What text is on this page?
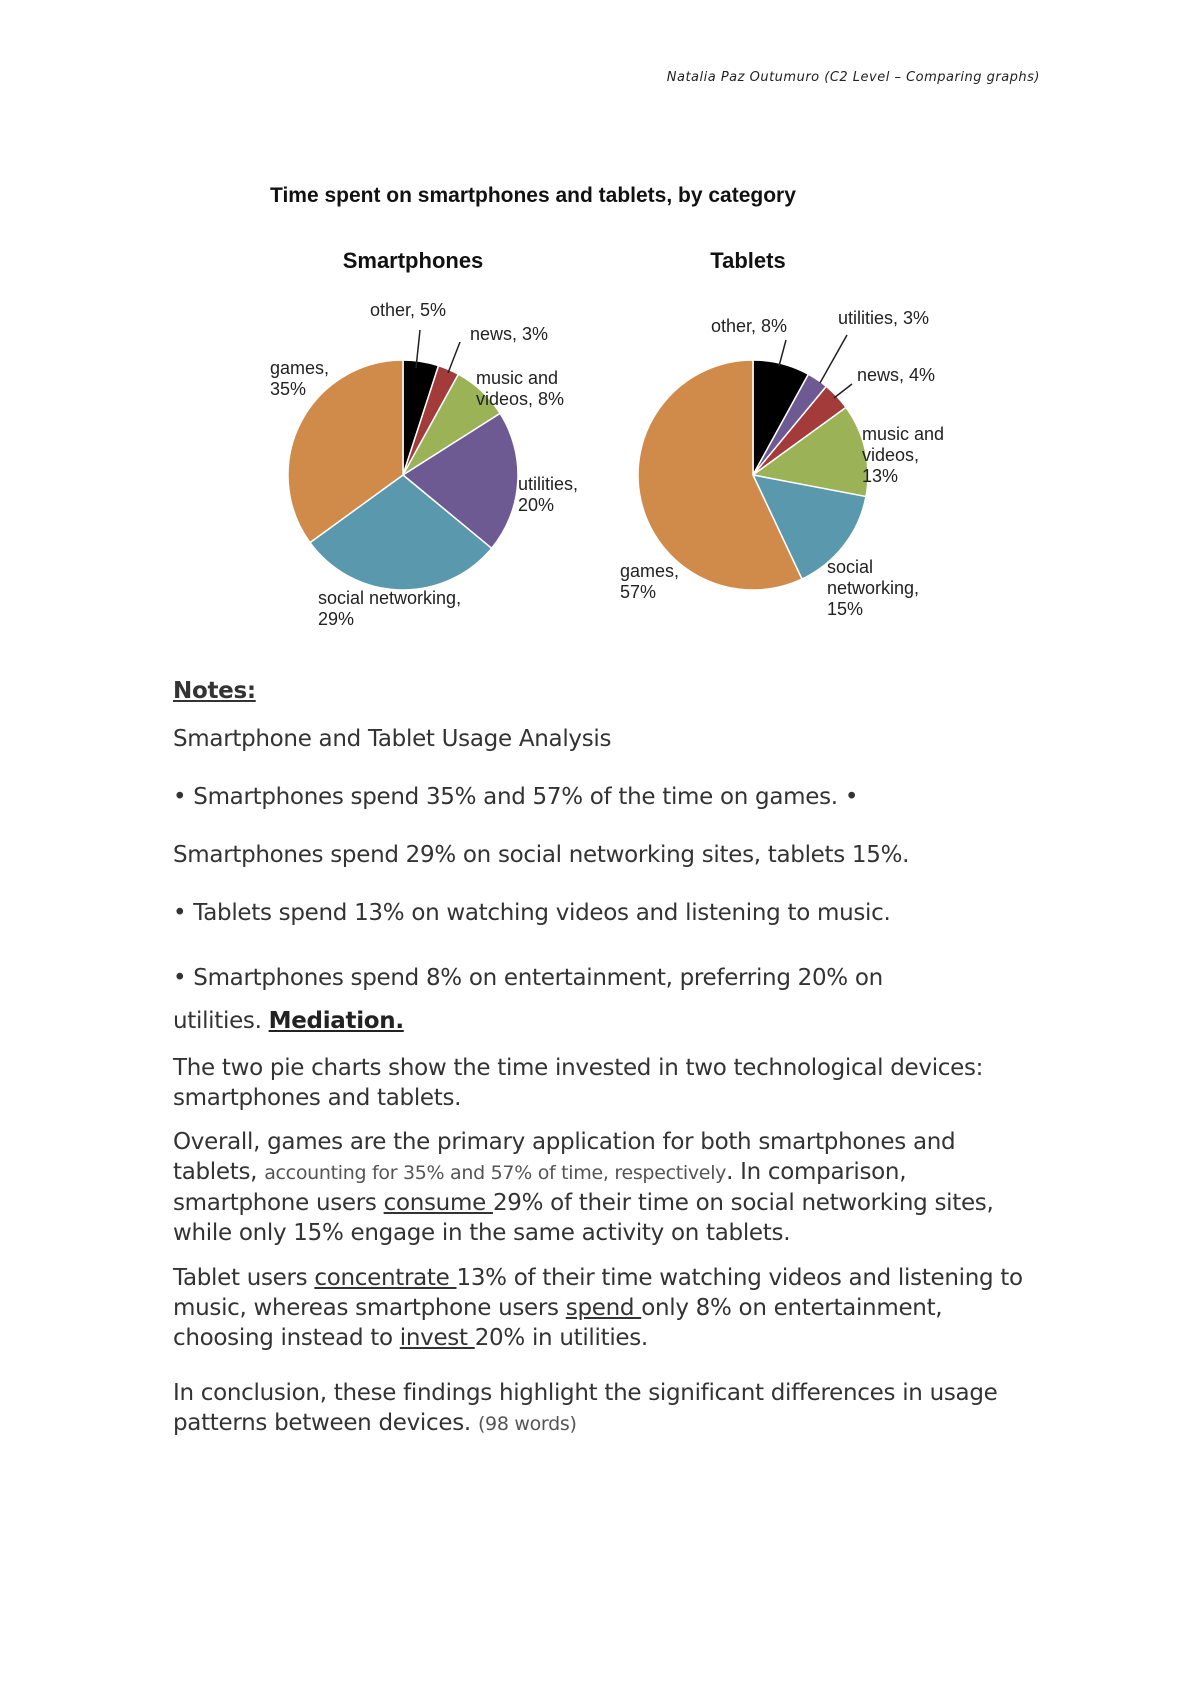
Natalia Paz Outumuro (C2 Level – Comparing graphs)
Time spent on smartphones and tablets, by category
Smartphones
other, 5%
news, 3%
music and videos, 8%
utilities, 20%
social networking, 29%
games, 35%
Tablets
other, 8%	utilities, 3%
news, 4%
music and videos, 13%
social networking, 15%
games, 57%
Notes:
Smartphone and Tablet Usage Analysis
• Smartphones spend 35% and 57% of the time on games. •
Smartphones spend 29% on social networking sites, tablets 15%.
• Tablets spend 13% on watching videos and listening to music.
• Smartphones spend 8% on entertainment, preferring 20% on
utilities. Mediation.
The two pie charts show the time invested in two technological devices: smartphones and tablets.
Overall, games are the primary application for both smartphones and tablets, accounting for 35% and 57% of time, respectively. In comparison, smartphone users consume 29% of their time on social networking sites, while only 15% engage in the same activity on tablets.
Tablet users concentrate 13% of their time watching videos and listening to music, whereas smartphone users spend only 8% on entertainment, choosing instead to invest 20% in utilities.
In conclusion, these findings highlight the significant differences in usage patterns between devices. (98 words)
